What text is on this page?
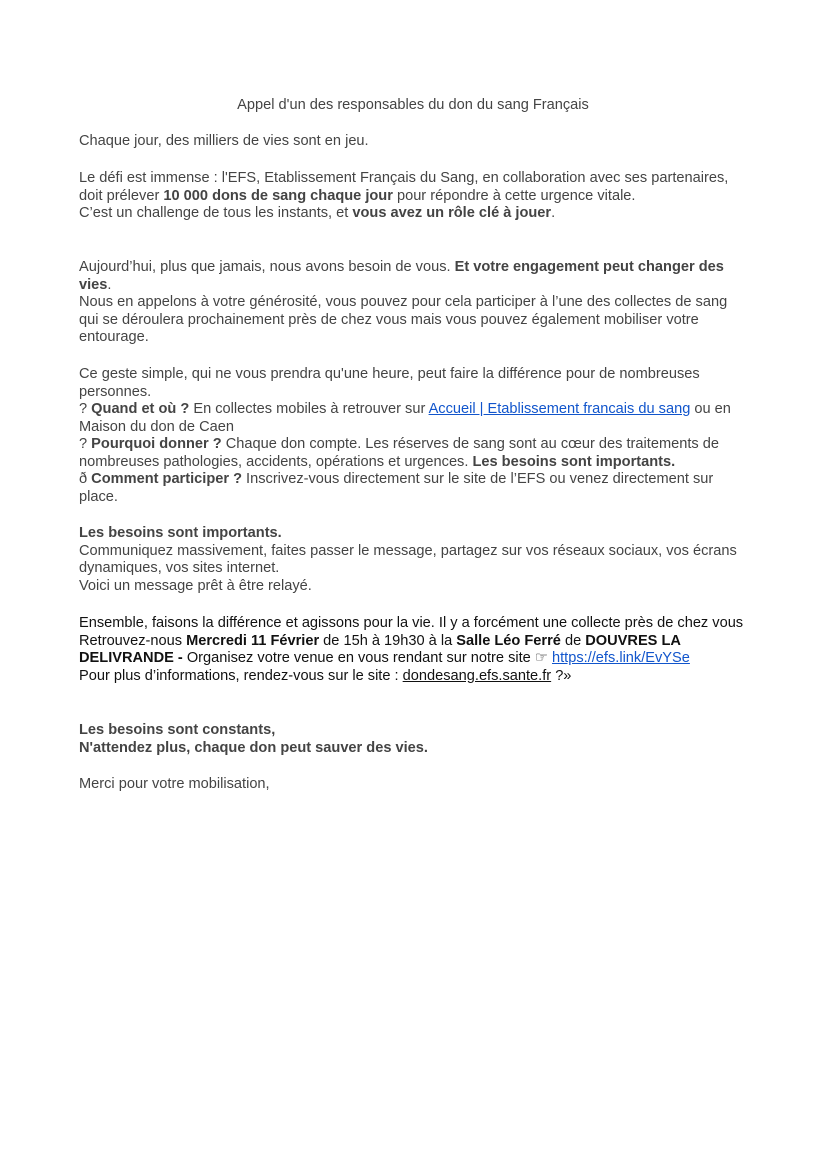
Appel d'un des responsables du don du sang Français

Chaque jour, des milliers de vies sont en jeu.

Le défi est immense : l'EFS, Etablissement Français du Sang, en collaboration avec ses partenaires, doit prélever 10 000 dons de sang chaque jour pour répondre à cette urgence vitale.
C’est un challenge de tous les instants, et vous avez un rôle clé à jouer.

Aujourd’hui, plus que jamais, nous avons besoin de vous. Et votre engagement peut changer des vies.
Nous en appelons à votre générosité, vous pouvez pour cela participer à l’une des collectes de sang qui se déroulera prochainement près de chez vous mais vous pouvez également mobiliser votre entourage.

Ce geste simple, qui ne vous prendra qu'une heure, peut faire la différence pour de nombreuses personnes.
? Quand et où ? En collectes mobiles à retrouver sur Accueil | Etablissement francais du sang ou en Maison du don de Caen
? Pourquoi donner ? Chaque don compte. Les réserves de sang sont au cœur des traitements de nombreuses pathologies, accidents, opérations et urgences. Les besoins sont importants.
ð Comment participer ? Inscrivez-vous directement sur le site de l’EFS ou venez directement sur place.

Les besoins sont importants.
Communiquez massivement, faites passer le message, partagez sur vos réseaux sociaux, vos écrans dynamiques, vos sites internet.
Voici un message prêt à être relayé.

Ensemble, faisons la différence et agissons pour la vie. Il y a forcément une collecte près de chez vous
Retrouvez-nous Mercredi 11 Février de 15h à 19h30 à la Salle Léo Ferré de DOUVRES LA DELIVRANDE - Organisez votre venue en vous rendant sur notre site ☞ https://efs.link/EvYSe
Pour plus d’informations, rendez-vous sur le site : dondesang.efs.sante.fr ?»

Les besoins sont constants,
N'attendez plus, chaque don peut sauver des vies.

Merci pour votre mobilisation,
